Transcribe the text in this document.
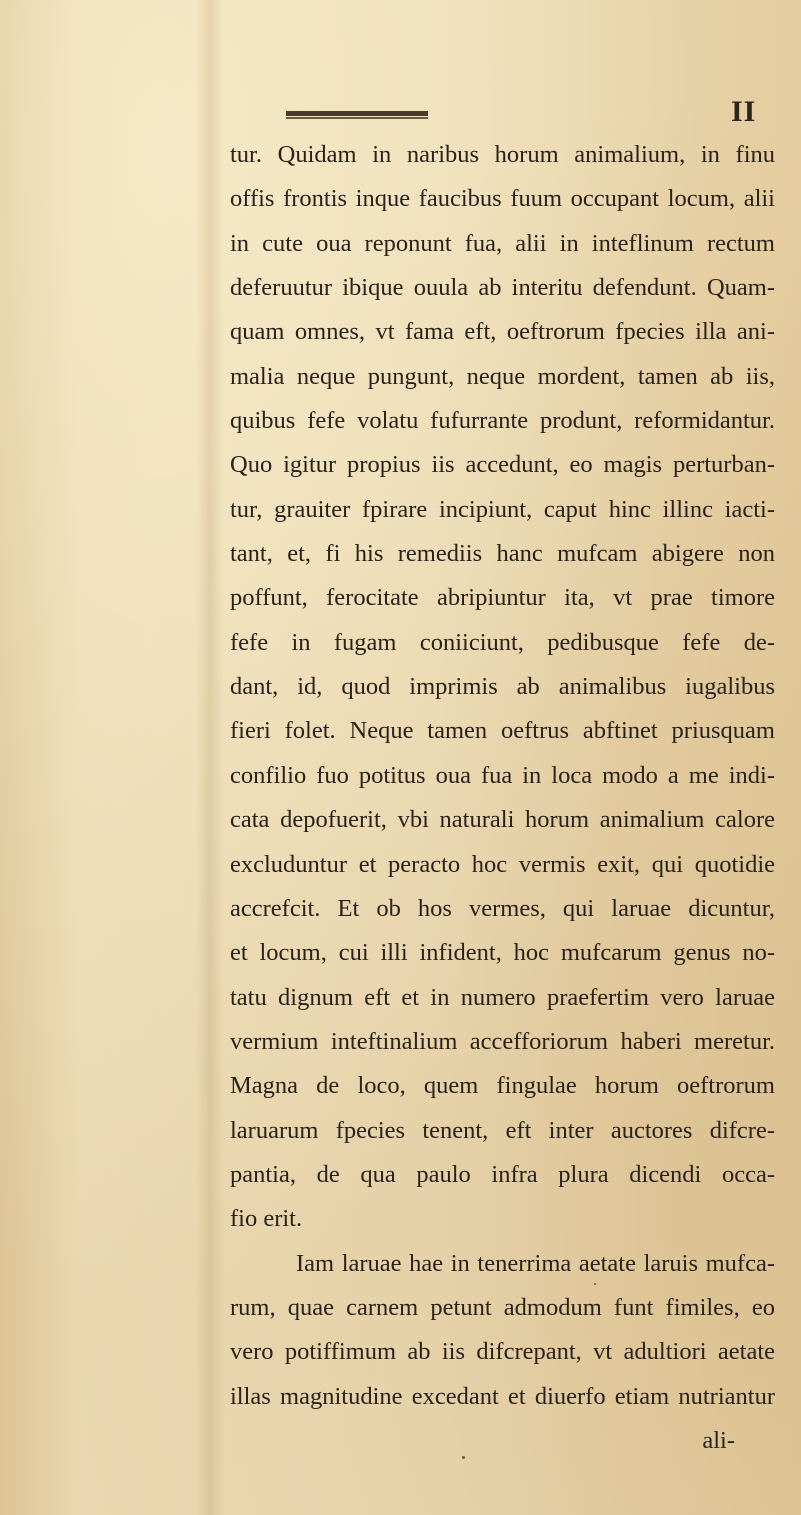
II
tur. Quidam in naribus horum animalium, in finu
offis frontis inque faucibus fuum occupant locum, alii
in cute oua reponunt fua, alii in inteflinum rectum
deferuutur ibique ouula ab interitu defendunt. Quam-
quam omnes, vt fama eft, oeftrorum fpecies illa ani-
malia neque pungunt, neque mordent, tamen ab iis,
quibus fefe volatu fufurrante produnt, reformidantur.
Quo igitur propius iis accedunt, eo magis perturban-
tur, grauiter fpirare incipiunt, caput hinc illinc iacti-
tant, et, fi his remediis hanc mufcam abigere non
poffunt, ferocitate abripiuntur ita, vt prae timore
fefe in fugam coniiciunt, pedibusque fefe de-
dant, id, quod imprimis ab animalibus iugalibus
fieri folet. Neque tamen oeftrus abftinet priusquam
confilio fuo potitus oua fua in loca modo a me indi-
cata depofuerit, vbi naturali horum animalium calore
excluduntur et peracto hoc vermis exit, qui quotidie
accrefcit. Et ob hos vermes, qui laruae dicuntur,
et locum, cui illi infident, hoc mufcarum genus no-
tatu dignum eft et in numero praefertim vero laruae
vermium inteftinalium accefforiorum haberi meretur.
Magna de loco, quem fingulae horum oeftrorum
laruarum fpecies tenent, eft inter auctores difcre-
pantia, de qua paulo infra plura dicendi occa-
fio erit.
Iam laruae hae in tenerrima aetate laruis mufca-
rum, quae carnem petunt admodum funt fimiles, eo
vero potiffimum ab iis difcrepant, vt adultiori aetate
illas magnitudine excedant et diuerfo etiam nutriantur
ali-
